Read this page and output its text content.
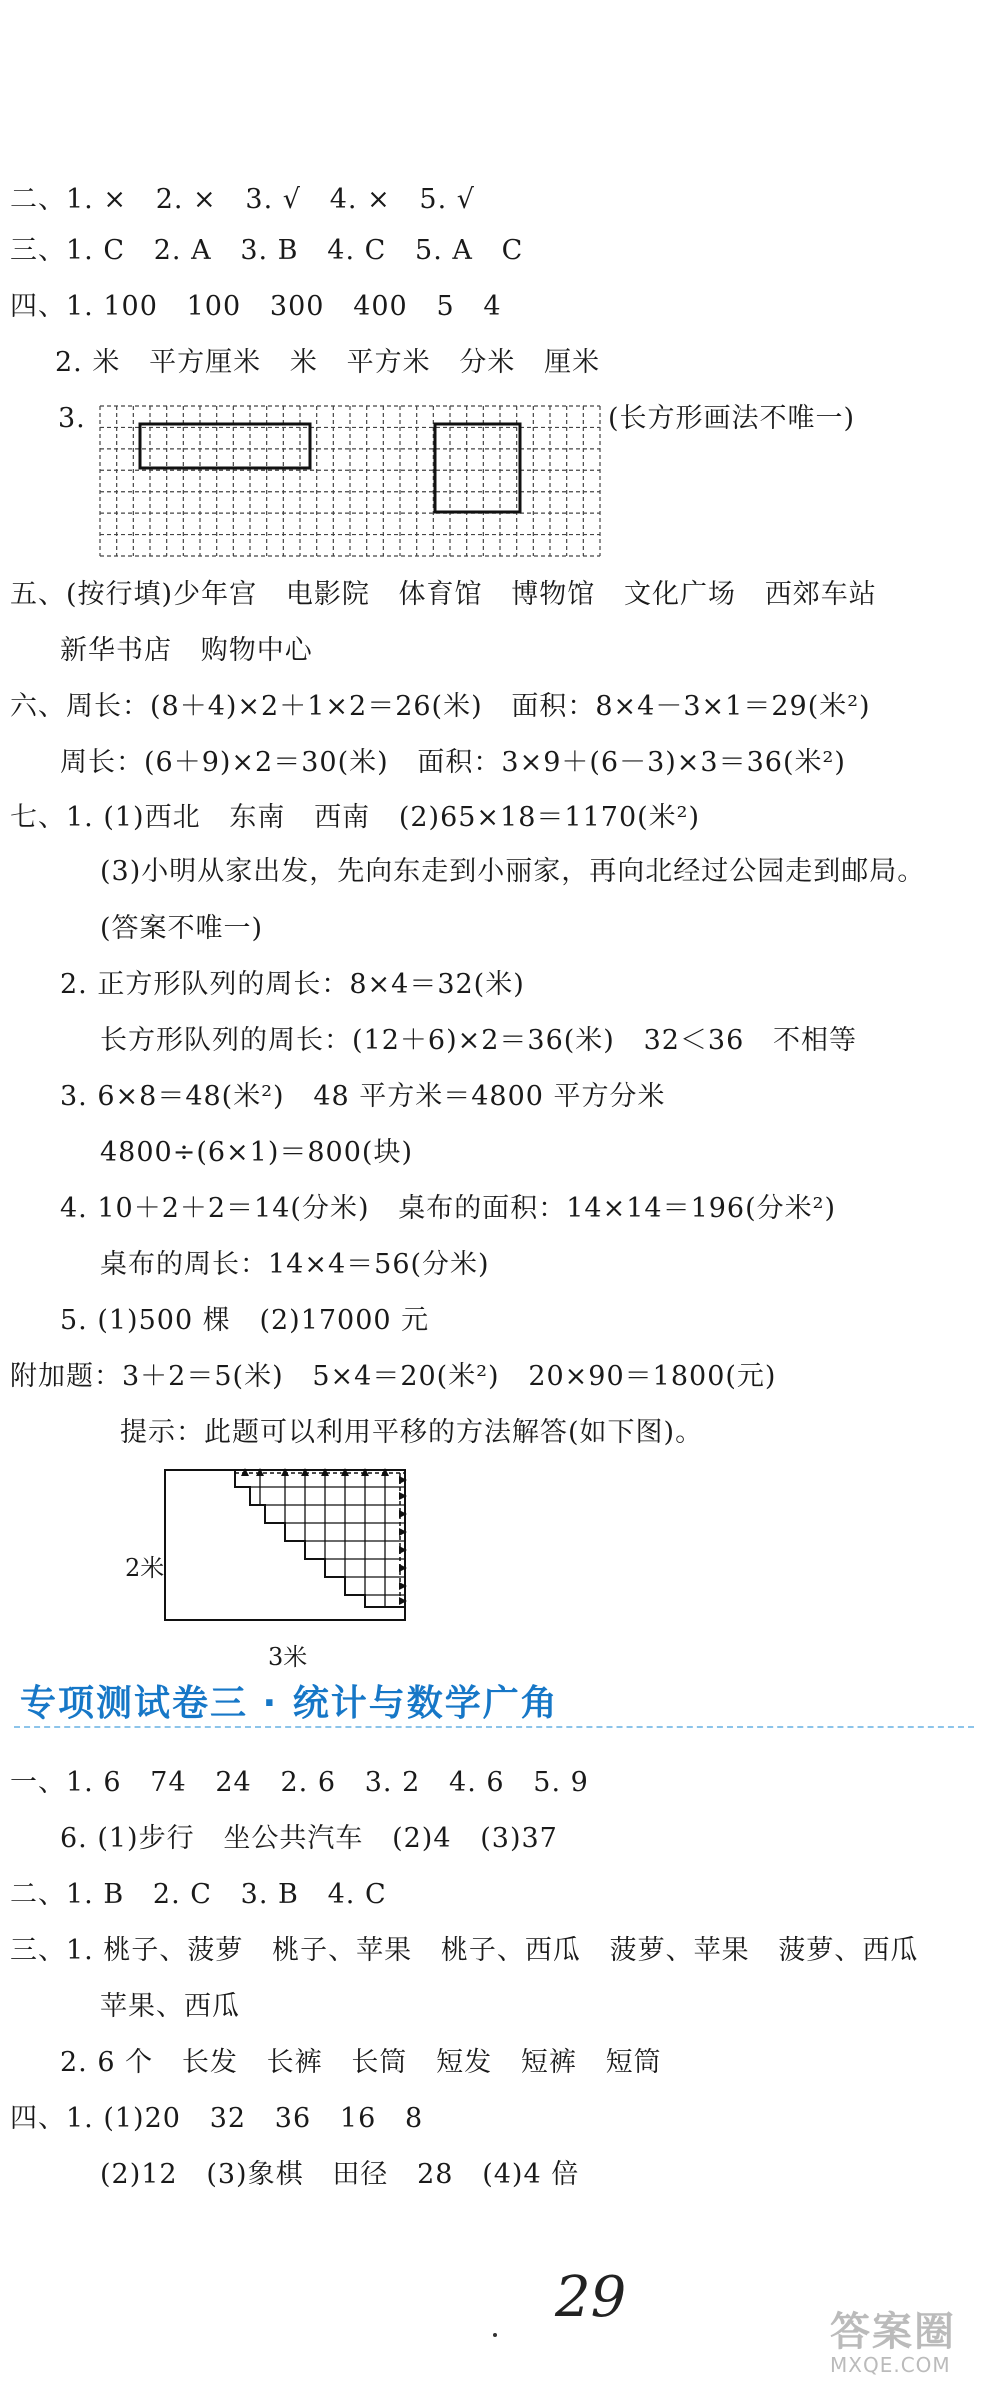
二、1. ×   2. ×   3. √   4. ×   5. √
三、1. C   2. A   3. B   4. C   5. A   C
四、1. 100   100   300   400   5   4
2. 米   平方厘米   米   平方米   分米   厘米
3.	(长方形画法不唯一)
五、(按行填)少年宫   电影院   体育馆   博物馆   文化广场   西郊车站
新华书店   购物中心
六、周长：(8＋4)×2＋1×2＝26(米)   面积：8×4－3×1＝29(米²)
周长：(6＋9)×2＝30(米)   面积：3×9＋(6－3)×3＝36(米²)
七、1. (1)西北   东南   西南   (2)65×18＝1170(米²)
(3)小明从家出发，先向东走到小丽家，再向北经过公园走到邮局。
(答案不唯一)
2. 正方形队列的周长：8×4＝32(米)
长方形队列的周长：(12＋6)×2＝36(米)   32＜36   不相等
3. 6×8＝48(米²)   48 平方米＝4800 平方分米
4800÷(6×1)＝800(块)
4. 10＋2＋2＝14(分米)   桌布的面积：14×14＝196(分米²)
桌布的周长：14×4＝56(分米)
5. (1)500 棵   (2)17000 元
附加题：3＋2＝5(米)   5×4＝20(米²)   20×90＝1800(元)
提示：此题可以利用平移的方法解答(如下图)。
2米
3米
专项测试卷三 · 统计与数学广角
一、1. 6   74   24   2. 6   3. 2   4. 6   5. 9
6. (1)步行   坐公共汽车   (2)4   (3)37
二、1. B   2. C   3. B   4. C
三、1. 桃子、菠萝   桃子、苹果   桃子、西瓜   菠萝、苹果   菠萝、西瓜
苹果、西瓜
2. 6 个   长发   长裤   长筒   短发   短裤   短筒
四、1. (1)20   32   36   16   8
(2)12   (3)象棋   田径   28   (4)4 倍
29
答案圈
MXQE.COM
